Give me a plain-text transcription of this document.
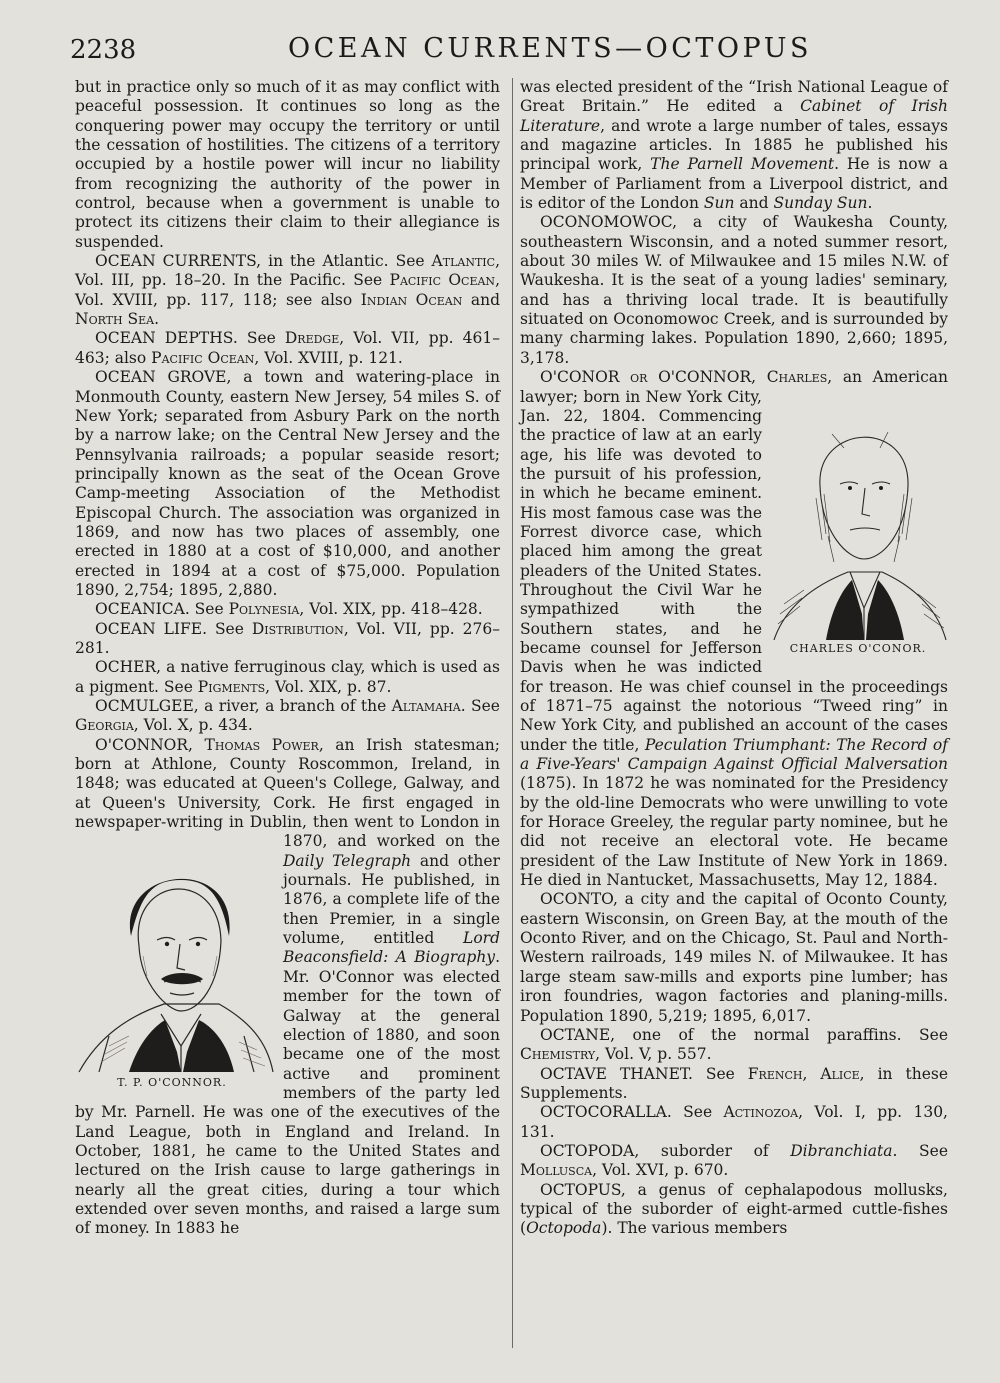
2238	OCEAN CURRENTS—OCTOPUS

but in practice only so much of it as may conflict with peaceful possession. It continues so long as the conquering power may occupy the territory or until the cessation of hostilities. The citizens of a territory occupied by a hostile power will incur no liability from recognizing the authority of the power in control, because when a government is unable to protect its citizens their claim to their allegiance is suspended.

OCEAN CURRENTS, in the Atlantic. See Atlantic, Vol. III, pp. 18–20. In the Pacific. See Pacific Ocean, Vol. XVIII, pp. 117, 118; see also Indian Ocean and North Sea.

OCEAN DEPTHS. See Dredge, Vol. VII, pp. 461–463; also Pacific Ocean, Vol. XVIII, p. 121.

OCEAN GROVE, a town and watering-place in Monmouth County, eastern New Jersey, 54 miles S. of New York; separated from Asbury Park on the north by a narrow lake; on the Central New Jersey and the Pennsylvania railroads; a popular seaside resort; principally known as the seat of the Ocean Grove Camp-meeting Association of the Methodist Episcopal Church. The association was organized in 1869, and now has two places of assembly, one erected in 1880 at a cost of $10,000, and another erected in 1894 at a cost of $75,000. Population 1890, 2,754; 1895, 2,880.

OCEANICA. See Polynesia, Vol. XIX, pp. 418–428.

OCEAN LIFE. See Distribution, Vol. VII, pp. 276–281.

OCHER, a native ferruginous clay, which is used as a pigment. See Pigments, Vol. XIX, p. 87.

OCMULGEE, a river, a branch of the Altamaha. See Georgia, Vol. X, p. 434.

O'CONNOR, Thomas Power, an Irish statesman; born at Athlone, County Roscommon, Ireland, in 1848; was educated at Queen's College, Galway, and at Queen's University, Cork. He first engaged in newspaper-writing in Dublin, then went to London in 1870, and worked on the
T. P. O'CONNOR.
Daily Telegraph and other journals. He published, in 1876, a complete life of the then Premier, in a single volume, entitled Lord Beaconsfield: A Biography. Mr. O'Connor was elected member for the town of Galway at the general election of 1880, and soon became one of the most active and prominent members of the party led by Mr. Parnell. He was one of the executives of the Land League, both in England and Ireland. In October, 1881, he came to the United States and lectured on the Irish cause to large gatherings in nearly all the great cities, during a tour which extended over seven months, and raised a large sum of money. In 1883 he

was elected president of the “Irish National League of Great Britain.” He edited a Cabinet of Irish Literature, and wrote a large number of tales, essays and magazine articles. In 1885 he published his principal work, The Parnell Movement. He is now a Member of Parliament from a Liverpool district, and is editor of the London Sun and Sunday Sun.

OCONOMOWOC, a city of Waukesha County, southeastern Wisconsin, and a noted summer resort, about 30 miles W. of Milwaukee and 15 miles N.W. of Waukesha. It is the seat of a young ladies' seminary, and has a thriving local trade. It is beautifully situated on Oconomowoc Creek, and is surrounded by many charming lakes. Population 1890, 2,660; 1895, 3,178.

O'CONOR or O'CONNOR, Charles
CHARLES O'CONOR.
, an American lawyer; born in New York City, Jan. 22, 1804. Commencing the practice of law at an early age, his life was devoted to the pursuit of his profession, in which he became eminent. His most famous case was the Forrest divorce case, which placed him among the great pleaders of the United States. Throughout the Civil War he sympathized with the Southern states, and he became counsel for Jefferson Davis when he was indicted for treason. He was chief counsel in the proceedings of 1871–75 against the notorious “Tweed ring” in New York City, and published an account of the cases under the title, Peculation Triumphant: The Record of a Five-Years' Campaign Against Official Malversation (1875). In 1872 he was nominated for the Presidency by the old-line Democrats who were unwilling to vote for Horace Greeley, the regular party nominee, but he did not receive an electoral vote. He became president of the Law Institute of New York in 1869. He died in Nantucket, Massachusetts, May 12, 1884.

OCONTO, a city and the capital of Oconto County, eastern Wisconsin, on Green Bay, at the mouth of the Oconto River, and on the Chicago, St. Paul and North-Western railroads, 149 miles N. of Milwaukee. It has large steam saw-mills and exports pine lumber; has iron foundries, wagon factories and planing-mills. Population 1890, 5,219; 1895, 6,017.

OCTANE, one of the normal paraffins. See Chemistry, Vol. V, p. 557.

OCTAVE THANET. See French, Alice, in these Supplements.

OCTOCORALLA. See Actinozoa, Vol. I, pp. 130, 131.

OCTOPODA, suborder of Dibranchiata. See Mollusca, Vol. XVI, p. 670.

OCTOPUS, a genus of cephalapodous mollusks, typical of the suborder of eight-armed cuttle-fishes (Octopoda). The various members
